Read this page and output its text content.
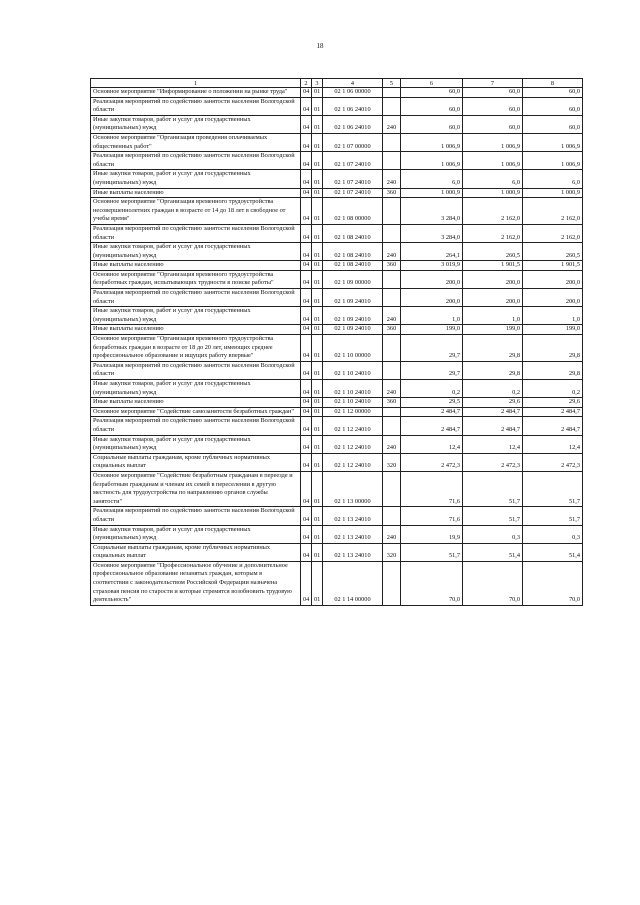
18
1	2	3	4	5	6	7	8
Основное мероприятие "Информирование о положении на рынке труда"	04	01	02 1 06 00000		60,0	60,0	60,0
Реализация мероприятий по содействию занятости населения Вологодской области	04	01	02 1 06 24010		60,0	60,0	60,0
Иные закупки товаров, работ и услуг для государственных (муниципальных) нужд	04	01	02 1 06 24010	240	60,0	60,0	60,0
Основное мероприятие "Организация проведения оплачиваемых общественных работ"	04	01	02 1 07 00000		1 006,9	1 006,9	1 006,9
Реализация мероприятий по содействию занятости населения Вологодской области	04	01	02 1 07 24010		1 006,9	1 006,9	1 006,9
Иные закупки товаров, работ и услуг для государственных (муниципальных) нужд	04	01	02 1 07 24010	240	6,0	6,0	6,0
Иные выплаты населению	04	01	02 1 07 24010	360	1 000,9	1 000,9	1 000,9
Основное мероприятие "Организация временного трудоустройства несовершеннолетних граждан в возрасте от 14 до 18 лет в свободное от учебы время"	04	01	02 1 08 00000		3 284,0	2 162,0	2 162,0
Реализация мероприятий по содействию занятости населения Вологодской области	04	01	02 1 08 24010		3 284,0	2 162,0	2 162,0
Иные закупки товаров, работ и услуг для государственных (муниципальных) нужд	04	01	02 1 08 24010	240	264,1	260,5	260,5
Иные выплаты населению	04	01	02 1 08 24010	360	3 019,9	1 901,5	1 901,5
Основное мероприятие "Организация временного трудоустройства безработных граждан, испытывающих трудности в поиске работы"	04	01	02 1 09 00000		200,0	200,0	200,0
Реализация мероприятий по содействию занятости населения Вологодской области	04	01	02 1 09 24010		200,0	200,0	200,0
Иные закупки товаров, работ и услуг для государственных (муниципальных) нужд	04	01	02 1 09 24010	240	1,0	1,0	1,0
Иные выплаты населению	04	01	02 1 09 24010	360	199,0	199,0	199,0
Основное мероприятие "Организация временного трудоустройства безработных граждан в возрасте от 18 до 20 лет, имеющих среднее профессиональное образование и ищущих работу впервые"	04	01	02 1 10 00000		29,7	29,8	29,8
Реализация мероприятий по содействию занятости населения Вологодской области	04	01	02 1 10 24010		29,7	29,8	29,8
Иные закупки товаров, работ и услуг для государственных (муниципальных) нужд	04	01	02 1 10 24010	240	0,2	0,2	0,2
Иные выплаты населению	04	01	02 1 10 24010	360	29,5	29,6	29,6
Основное мероприятие "Содействие самозанятости безработных граждан"	04	01	02 1 12 00000		2 484,7	2 484,7	2 484,7
Реализация мероприятий по содействию занятости населения Вологодской области	04	01	02 1 12 24010		2 484,7	2 484,7	2 484,7
Иные закупки товаров, работ и услуг для государственных (муниципальных) нужд	04	01	02 1 12 24010	240	12,4	12,4	12,4
Социальные выплаты гражданам, кроме публичных нормативных социальных выплат	04	01	02 1 12 24010	320	2 472,3	2 472,3	2 472,3
Основное мероприятие "Содействие безработным гражданам в переезде и безработным гражданам и членам их семей в переселении в другую местность для трудоустройства по направлению органов службы занятости"	04	01	02 1 13 00000		71,6	51,7	51,7
Реализация мероприятий по содействию занятости населения Вологодской области	04	01	02 1 13 24010		71,6	51,7	51,7
Иные закупки товаров, работ и услуг для государственных (муниципальных) нужд	04	01	02 1 13 24010	240	19,9	0,3	0,3
Социальные выплаты гражданам, кроме публичных нормативных социальных выплат	04	01	02 1 13 24010	320	51,7	51,4	51,4
Основное мероприятие "Профессиональное обучение и дополнительное профессиональное образование незанятых граждан, которым в соответствии с законодательством Российской Федерации назначена страховая пенсия по старости и которые стремятся возобновить трудовую деятельность"	04	01	02 1 14 00000		70,0	70,0	70,0
